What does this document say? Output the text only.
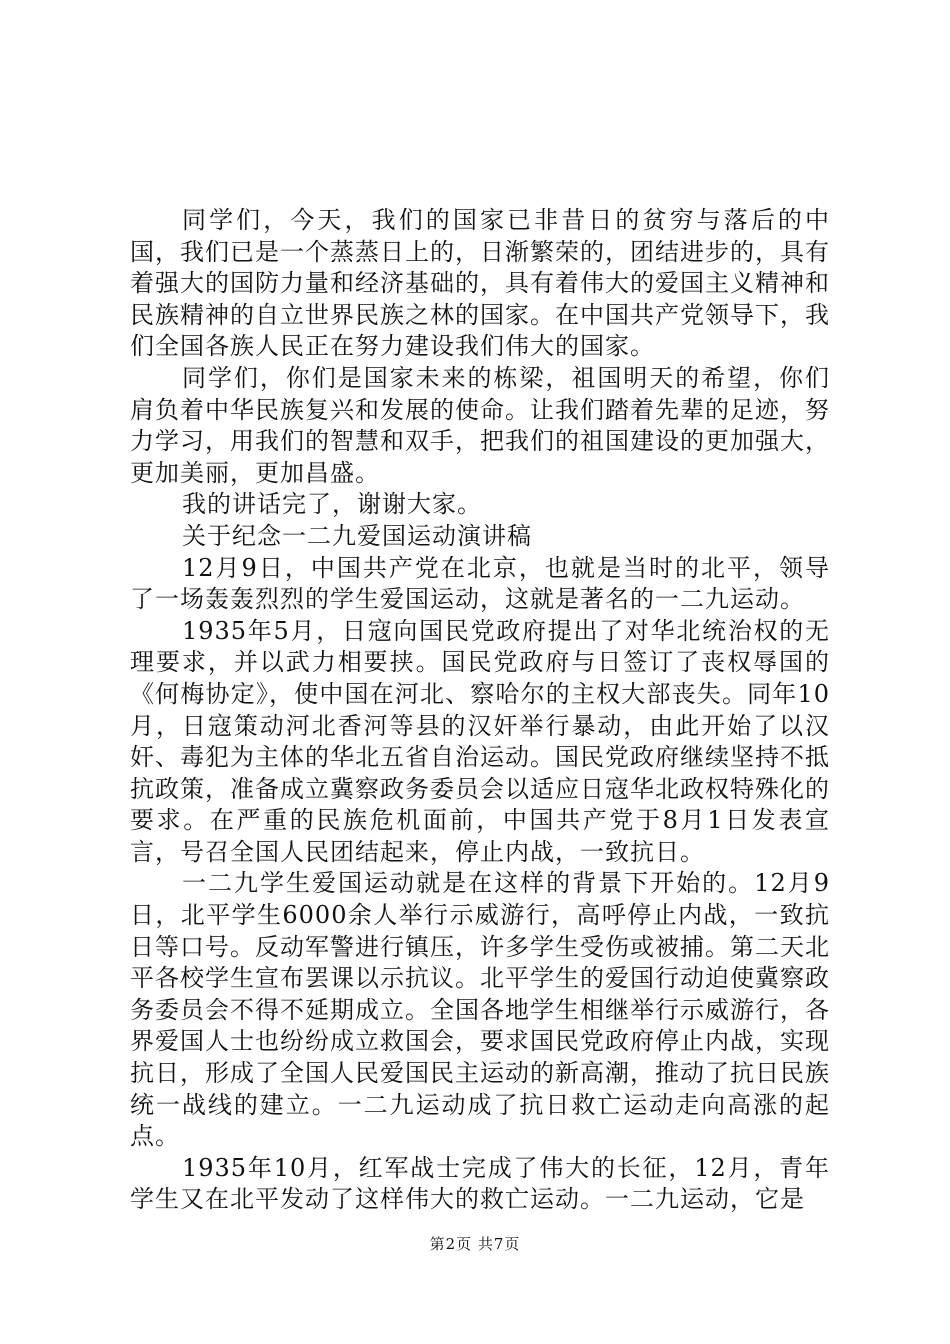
同学们，今天，我们的国家已非昔日的贫穷与落后的中国，我们已是一个蒸蒸日上的，日渐繁荣的，团结进步的，具有着强大的国防力量和经济基础的，具有着伟大的爱国主义精神和民族精神的自立世界民族之林的国家。在中国共产党领导下，我们全国各族人民正在努力建设我们伟大的国家。

同学们，你们是国家未来的栋梁，祖国明天的希望，你们肩负着中华民族复兴和发展的使命。让我们踏着先辈的足迹，努力学习，用我们的智慧和双手，把我们的祖国建设的更加强大，更加美丽，更加昌盛。

我的讲话完了，谢谢大家。

关于纪念一二九爱国运动演讲稿

12月9日，中国共产党在北京，也就是当时的北平，领导了一场轰轰烈烈的学生爱国运动，这就是著名的一二九运动。

1935年5月，日寇向国民党政府提出了对华北统治权的无理要求，并以武力相要挟。国民党政府与日签订了丧权辱国的《何梅协定》，使中国在河北、察哈尔的主权大部丧失。同年10月，日寇策动河北香河等县的汉奸举行暴动，由此开始了以汉奸、毒犯为主体的华北五省自治运动。国民党政府继续坚持不抵抗政策，准备成立冀察政务委员会以适应日寇华北政权特殊化的要求。在严重的民族危机面前，中国共产党于8月1日发表宣言，号召全国人民团结起来，停止内战，一致抗日。

一二九学生爱国运动就是在这样的背景下开始的。12月9日，北平学生6000余人举行示威游行，高呼停止内战，一致抗日等口号。反动军警进行镇压，许多学生受伤或被捕。第二天北平各校学生宣布罢课以示抗议。北平学生的爱国行动迫使冀察政务委员会不得不延期成立。全国各地学生相继举行示威游行，各界爱国人士也纷纷成立救国会，要求国民党政府停止内战，实现抗日，形成了全国人民爱国民主运动的新高潮，推动了抗日民族统一战线的建立。一二九运动成了抗日救亡运动走向高涨的起点。

1935年10月，红军战士完成了伟大的长征，12月，青年学生又在北平发动了这样伟大的救亡运动。一二九运动，它是

第2页 共7页
